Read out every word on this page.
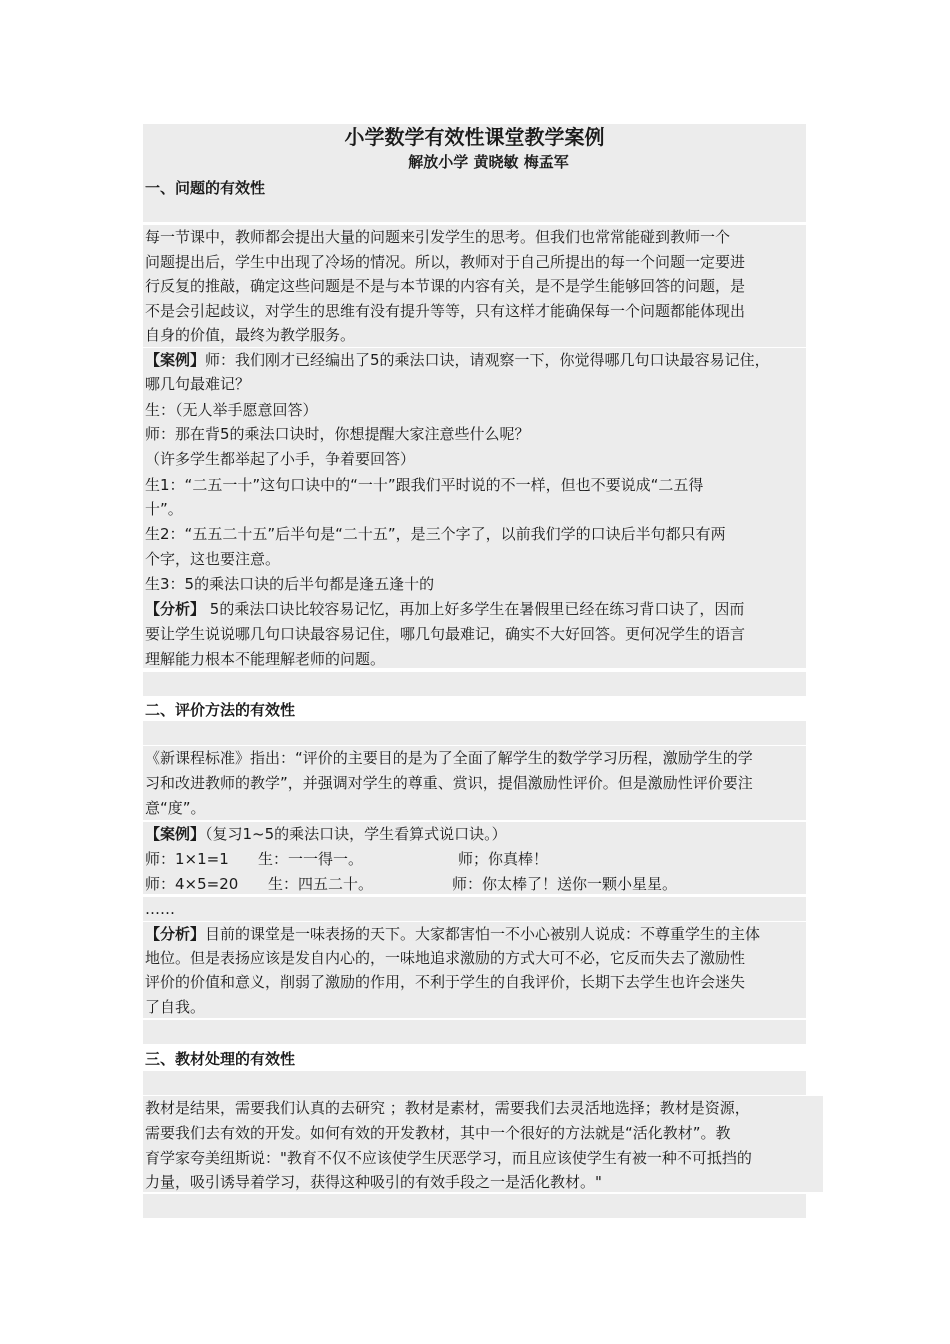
小学数学有效性课堂教学案例
解放小学 黄晓敏 梅孟军
一、问题的有效性
每一节课中，教师都会提出大量的问题来引发学生的思考。但我们也常常能碰到教师一个
问题提出后，学生中出现了冷场的情况。所以，教师对于自己所提出的每一个问题一定要进
行反复的推敲，确定这些问题是不是与本节课的内容有关，是不是学生能够回答的问题，是
不是会引起歧议，对学生的思维有没有提升等等，只有这样才能确保每一个问题都能体现出
自身的价值，最终为教学服务。
【案例】师：我们刚才已经编出了5的乘法口诀，请观察一下，你觉得哪几句口诀最容易记住，
哪几句最难记？
生：（无人举手愿意回答）
师：那在背5的乘法口诀时，你想提醒大家注意些什么呢？
（许多学生都举起了小手，争着要回答）
生1：“二五一十”这句口诀中的“一十”跟我们平时说的不一样，但也不要说成“二五得
十”。
生2：“五五二十五”后半句是“二十五”，是三个字了，以前我们学的口诀后半句都只有两
个字，这也要注意。
生3：5的乘法口诀的后半句都是逢五逢十的
【分析】 5的乘法口诀比较容易记忆，再加上好多学生在暑假里已经在练习背口诀了，因而
要让学生说说哪几句口诀最容易记住，哪几句最难记，确实不大好回答。更何况学生的语言
理解能力根本不能理解老师的问题。
二、评价方法的有效性
《新课程标准》指出：“评价的主要目的是为了全面了解学生的数学学习历程，激励学生的学
习和改进教师的教学”，并强调对学生的尊重、赏识，提倡激励性评价。但是激励性评价要注
意“度”。
【案例】（复习1~5的乘法口诀，学生看算式说口诀。）
师：1×1=1 生：一一得一。	师；你真棒！
师：4×5=20 生：四五二十。	师：你太棒了！送你一颗小星星。
……
【分析】目前的课堂是一味表扬的天下。大家都害怕一不小心被别人说成：不尊重学生的主体
地位。但是表扬应该是发自内心的，一味地追求激励的方式大可不必，它反而失去了激励性
评价的价值和意义，削弱了激励的作用，不利于学生的自我评价，长期下去学生也许会迷失
了自我。
三、教材处理的有效性
教材是结果，需要我们认真的去研究 ；教材是素材，需要我们去灵活地选择；教材是资源，
需要我们去有效的开发。如何有效的开发教材，其中一个很好的方法就是“活化教材”。教
育学家夸美纽斯说："教育不仅不应该使学生厌恶学习，而且应该使学生有被一种不可抵挡的
力量，吸引诱导着学习，获得这种吸引的有效手段之一是活化教材。"
